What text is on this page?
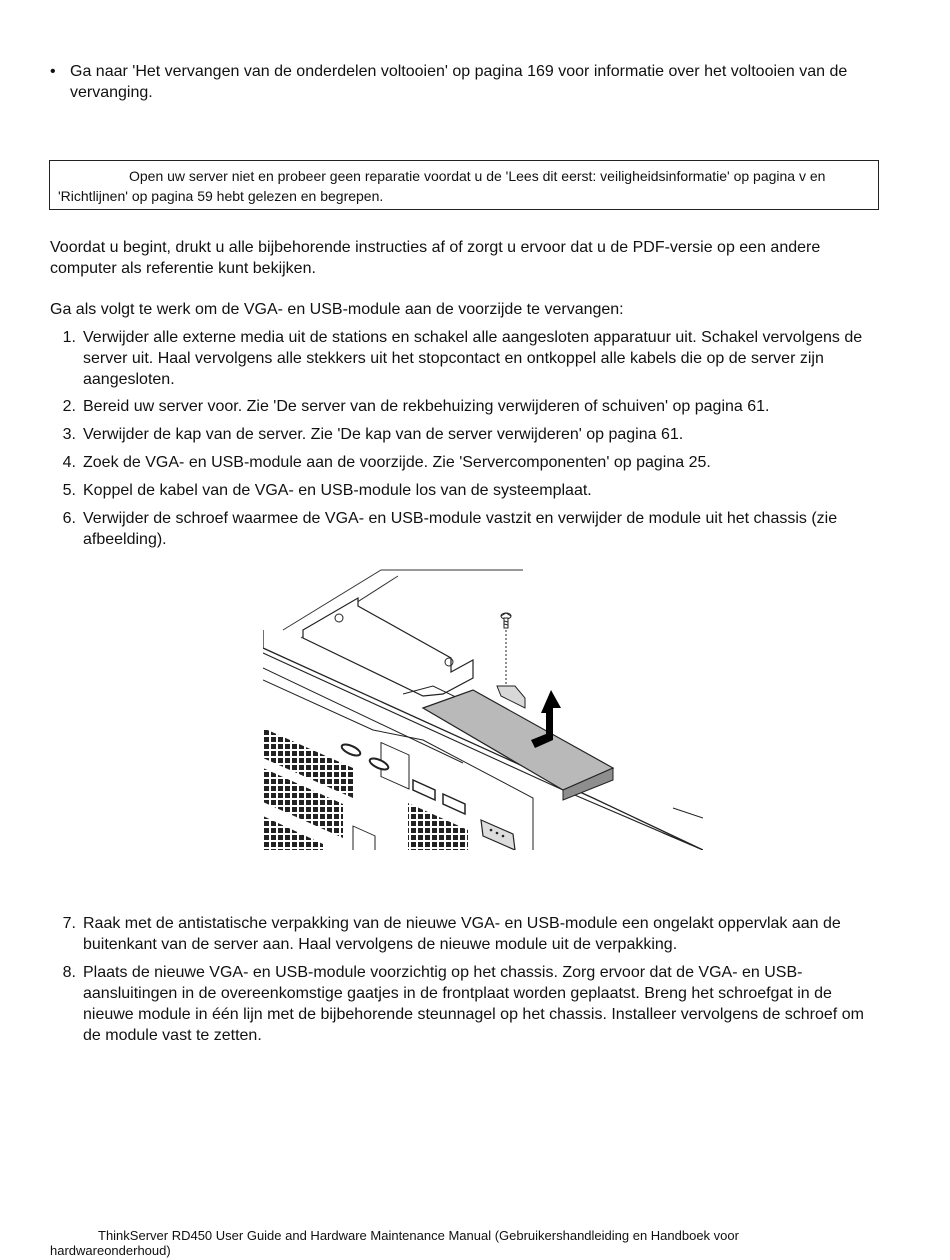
• Ga naar 'Het vervangen van de onderdelen voltooien' op pagina 169 voor informatie over het voltooien van de vervanging.
Open uw server niet en probeer geen reparatie voordat u de 'Lees dit eerst: veiligheidsinformatie' op pagina v en 'Richtlijnen' op pagina 59 hebt gelezen en begrepen.
Voordat u begint, drukt u alle bijbehorende instructies af of zorgt u ervoor dat u de PDF-versie op een andere computer als referentie kunt bekijken.
Ga als volgt te werk om de VGA- en USB-module aan de voorzijde te vervangen:
1. Verwijder alle externe media uit de stations en schakel alle aangesloten apparatuur uit. Schakel vervolgens de server uit. Haal vervolgens alle stekkers uit het stopcontact en ontkoppel alle kabels die op de server zijn aangesloten.
2. Bereid uw server voor. Zie 'De server van de rekbehuizing verwijderen of schuiven' op pagina 61.
3. Verwijder de kap van de server. Zie 'De kap van de server verwijderen' op pagina 61.
4. Zoek de VGA- en USB-module aan de voorzijde. Zie 'Servercomponenten' op pagina 25.
5. Koppel de kabel van de VGA- en USB-module los van de systeemplaat.
6. Verwijder de schroef waarmee de VGA- en USB-module vastzit en verwijder de module uit het chassis (zie afbeelding).
7. Raak met de antistatische verpakking van de nieuwe VGA- en USB-module een ongelakt oppervlak aan de buitenkant van de server aan. Haal vervolgens de nieuwe module uit de verpakking.
8. Plaats de nieuwe VGA- en USB-module voorzichtig op het chassis. Zorg ervoor dat de VGA- en USB-aansluitingen in de overeenkomstige gaatjes in de frontplaat worden geplaatst. Breng het schroefgat in de nieuwe module in één lijn met de bijbehorende steunnagel op het chassis. Installeer vervolgens de schroef om de module vast te zetten.
ThinkServer RD450 User Guide and Hardware Maintenance Manual (Gebruikershandleiding en Handboek voor hardwareonderhoud)
